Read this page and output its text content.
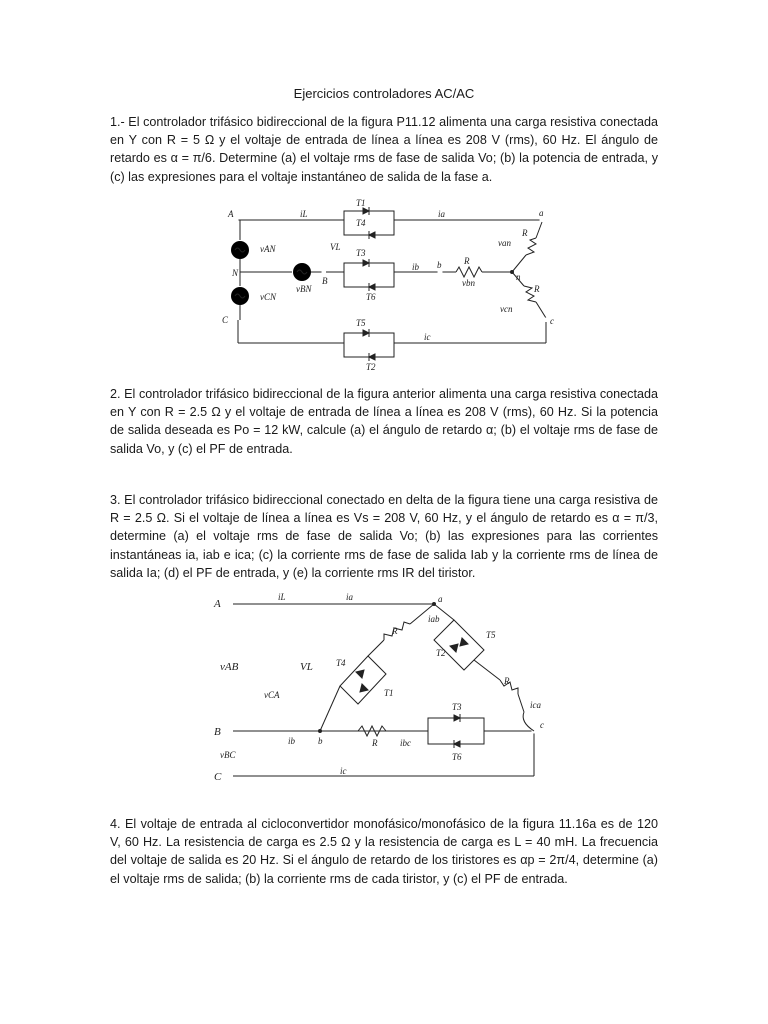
Ejercicios controladores AC/AC

1.- El controlador trifásico bidireccional de la figura P11.12 alimenta una carga resistiva conectada en Y con R = 5 Ω y el voltaje de entrada de línea a línea es 208 V (rms), 60 Hz. El ángulo de retardo es α = π/6. Determine (a) el voltaje rms de fase de salida Vo; (b) la potencia de entrada, y (c) las expresiones para el voltaje instantáneo de salida de la fase a.

A	iL	ia	a
T1
T4
vAN	VL	van
N
B
vBN
T3
T6
ib b	R
vbn
n
R
R
vCN
vcn
C	c
T5
T2
ic

2. El controlador trifásico bidireccional de la figura anterior alimenta una carga resistiva conectada en Y con R = 2.5 Ω y el voltaje de entrada de línea a línea es 208 V (rms), 60 Hz. Si la potencia de salida deseada es Po = 12 kW, calcule (a) el ángulo de retardo α; (b) el voltaje rms de fase de salida Vo, y (c) el PF de entrada.

3. El controlador trifásico bidireccional conectado en delta de la figura tiene una carga resistiva de R = 2.5 Ω. Si el voltaje de línea a línea es Vs = 208 V, 60 Hz, y el ángulo de retardo es α = π/3, determine (a) el voltaje rms de fase de salida Vo; (b) las expresiones para las corrientes instantáneas ia, iab e ica; (c) la corriente rms de fase de salida Iab y la corriente rms de línea de salida Ia; (d) el PF de entrada, y (e) la corriente rms IR del tiristor.

A
iL	ia	a
iab
R	T5
T2
T4
T1
vAB	VL
vCA
R
ica
T3
T6
B
ib	b	R	ibc
c
vBC
C	ic

4. El voltaje de entrada al cicloconvertidor monofásico/monofásico de la figura 11.16a es de 120 V, 60 Hz. La resistencia de carga es 2.5 Ω y la resistencia de carga es L = 40 mH. La frecuencia del voltaje de salida es 20 Hz. Si el ángulo de retardo de los tiristores es αp = 2π/4, determine (a) el voltaje rms de salida; (b) la corriente rms de cada tiristor, y (c) el PF de entrada.
